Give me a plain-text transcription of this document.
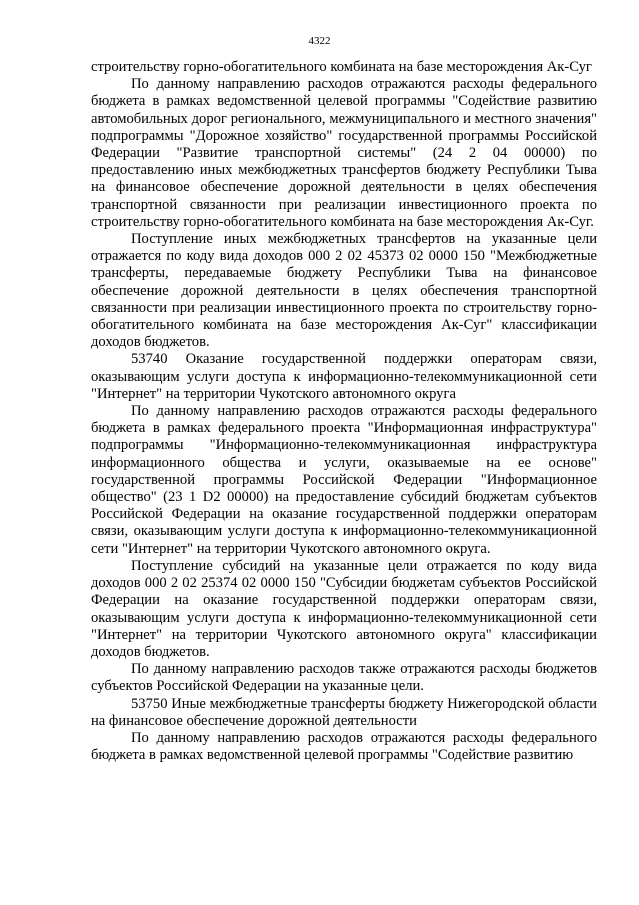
4322

строительству горно-обогатительного комбината на базе месторождения Ак-Суг

По данному направлению расходов отражаются расходы федерального бюджета в рамках ведомственной целевой программы "Содействие развитию автомобильных дорог регионального, межмуниципального и местного значения" подпрограммы "Дорожное хозяйство" государственной программы Российской Федерации "Развитие транспортной системы" (24 2 04 00000) по предоставлению иных межбюджетных трансфертов бюджету Республики Тыва на финансовое обеспечение дорожной деятельности в целях обеспечения транспортной связанности при реализации инвестиционного проекта по строительству горно-обогатительного комбината на базе месторождения Ак-Суг.

Поступление иных межбюджетных трансфертов на указанные цели отражается по коду вида доходов 000 2 02 45373 02 0000 150 "Межбюджетные трансферты, передаваемые бюджету Республики Тыва на финансовое обеспечение дорожной деятельности в целях обеспечения транспортной связанности при реализации инвестиционного проекта по строительству горно-обогатительного комбината на базе месторождения Ак-Суг" классификации доходов бюджетов.

53740 Оказание государственной поддержки операторам связи, оказывающим услуги доступа к информационно-телекоммуникационной сети "Интернет" на территории Чукотского автономного округа

По данному направлению расходов отражаются расходы федерального бюджета в рамках федерального проекта "Информационная инфраструктура" подпрограммы "Информационно-телекоммуникационная инфраструктура информационного общества и услуги, оказываемые на ее основе" государственной программы Российской Федерации "Информационное общество" (23 1 D2 00000) на предоставление субсидий бюджетам субъектов Российской Федерации на оказание государственной поддержки операторам связи, оказывающим услуги доступа к информационно-телекоммуникационной сети "Интернет" на территории Чукотского автономного округа.

Поступление субсидий на указанные цели отражается по коду вида доходов 000 2 02 25374 02 0000 150 "Субсидии бюджетам субъектов Российской Федерации на оказание государственной поддержки операторам связи, оказывающим услуги доступа к информационно-телекоммуникационной сети "Интернет" на территории Чукотского автономного округа" классификации доходов бюджетов.

По данному направлению расходов также отражаются расходы бюджетов субъектов Российской Федерации на указанные цели.

53750 Иные межбюджетные трансферты бюджету Нижегородской области на финансовое обеспечение дорожной деятельности

По данному направлению расходов отражаются расходы федерального бюджета в рамках ведомственной целевой программы "Содействие развитию
